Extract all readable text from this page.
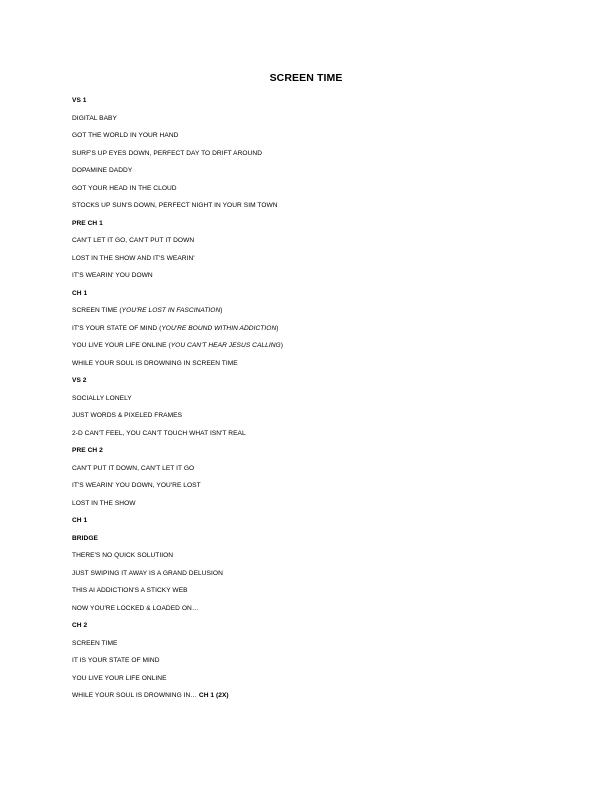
SCREEN TIME
VS 1
DIGITAL BABY
GOT THE WORLD IN YOUR HAND
SURF'S UP EYES DOWN, PERFECT DAY TO DRIFT AROUND
DOPAMINE DADDY
GOT YOUR HEAD IN THE CLOUD
STOCKS UP SUN'S DOWN, PERFECT NIGHT IN YOUR SIM TOWN
PRE CH 1
CAN'T LET IT GO, CAN'T PUT IT DOWN
LOST IN THE SHOW AND IT'S WEARIN'
IT'S WEARIN' YOU DOWN
CH 1
SCREEN TIME (YOU'RE LOST IN FASCINATION)
IT'S YOUR STATE OF MIND (YOU'RE BOUND WITHIN ADDICTION)
YOU LIVE YOUR LIFE ONLINE (YOU CAN'T HEAR JESUS CALLING)
WHILE YOUR SOUL IS DROWNING IN SCREEN TIME
VS 2
SOCIALLY LONELY
JUST WORDS & PIXELED FRAMES
2-D CAN'T FEEL, YOU CAN'T TOUCH WHAT ISN'T REAL
PRE CH 2
CAN'T PUT IT DOWN, CAN'T LET IT GO
IT'S WEARIN' YOU DOWN, YOU'RE LOST
LOST IN THE SHOW
CH 1
BRIDGE
THERE'S NO QUICK SOLUTIION
JUST SWIPING IT AWAY IS A GRAND DELUSION
THIS AI ADDICTION'S A STICKY WEB
NOW YOU'RE LOCKED & LOADED ON…
CH 2
SCREEN TIME
IT IS YOUR STATE OF MIND
YOU LIVE YOUR LIFE ONLINE
WHILE YOUR SOUL IS DROWNING IN… CH 1 (2X)
